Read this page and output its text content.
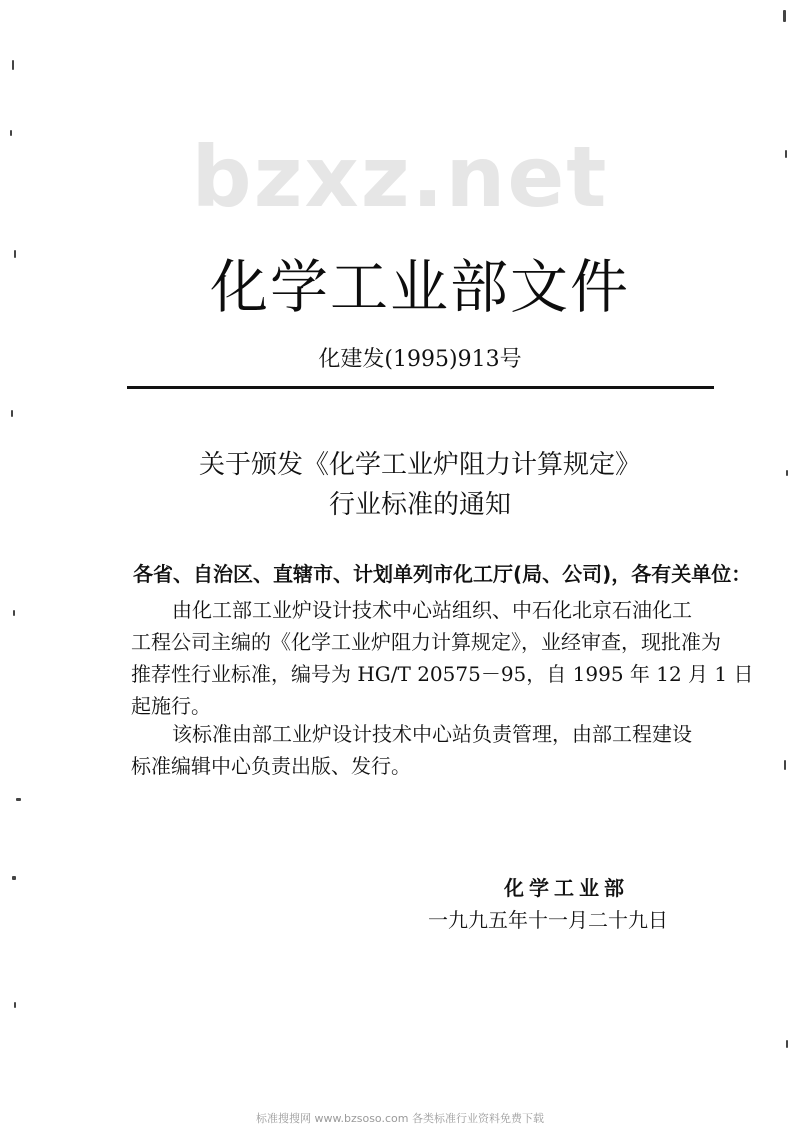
bzxz.net
化学工业部文件
化建发(1995)913号
关于颁发《化学工业炉阻力计算规定》
行业标准的通知
各省、自治区、直辖市、计划单列市化工厅(局、公司)，各有关单位：
由化工部工业炉设计技术中心站组织、中石化北京石油化工
工程公司主编的《化学工业炉阻力计算规定》，业经审查，现批准为
推荐性行业标准，编号为 HG/T 20575－95，自 1995 年 12 月 1 日
起施行。
该标准由部工业炉设计技术中心站负责管理，由部工程建设
标准编辑中心负责出版、发行。
化学工业部
一九九五年十一月二十九日
标准搜搜网 www.bzsoso.com 各类标准行业资料免费下载
